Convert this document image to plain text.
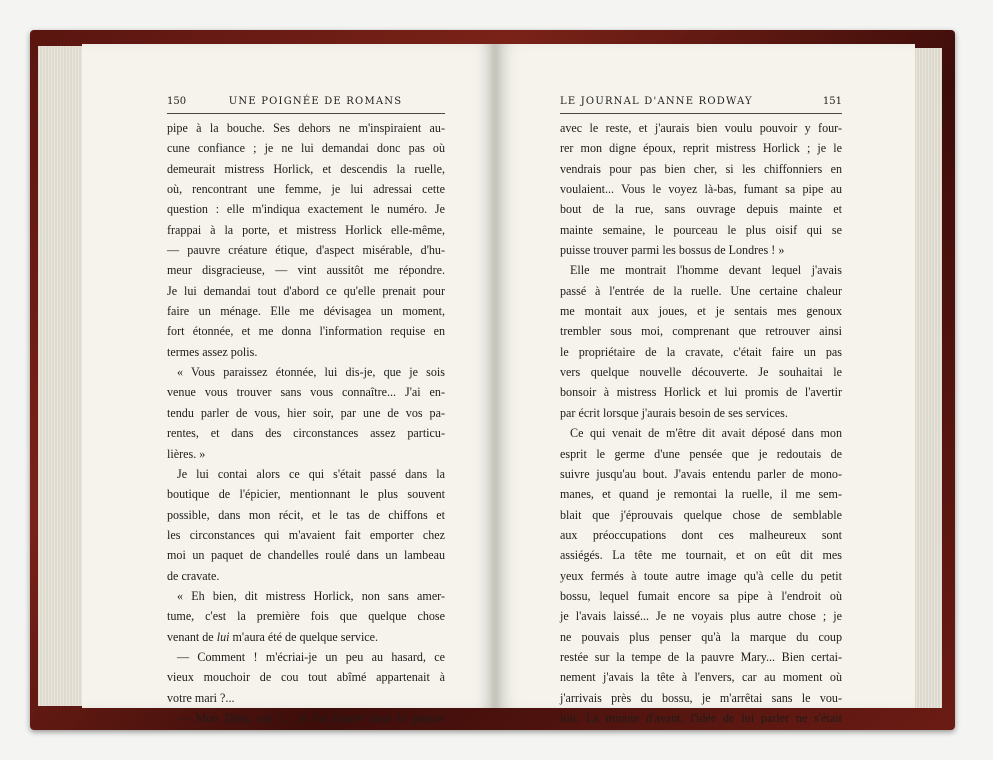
150	UNE POIGNÉE DE ROMANS
pipe à la bouche. Ses dehors ne m'inspiraient au-
cune confiance ; je ne lui demandai donc pas où
demeurait mistress Horlick, et descendis la ruelle,
où, rencontrant une femme, je lui adressai cette
question : elle m'indiqua exactement le numéro. Je
frappai à la porte, et mistress Horlick elle-même,
— pauvre créature étique, d'aspect misérable, d'hu-
meur disgracieuse, — vint aussitôt me répondre.
Je lui demandai tout d'abord ce qu'elle prenait pour
faire un ménage. Elle me dévisagea un moment,
fort étonnée, et me donna l'information requise en
termes assez polis.
« Vous paraissez étonnée, lui dis-je, que je sois
venue vous trouver sans vous connaître... J'ai en-
tendu parler de vous, hier soir, par une de vos pa-
rentes, et dans des circonstances assez particu-
lières. »
Je lui contai alors ce qui s'était passé dans la
boutique de l'épicier, mentionnant le plus souvent
possible, dans mon récit, et le tas de chiffons et
les circonstances qui m'avaient fait emporter chez
moi un paquet de chandelles roulé dans un lambeau
de cravate.
« Eh bien, dit mistress Horlick, non sans amer-
tume, c'est la première fois que quelque chose
venant de lui m'aura été de quelque service.
— Comment ! m'écriai-je un peu au hasard, ce
vieux mouchoir de cou tout abîmé appartenait à
votre mari ?...
— Mon Dieu, oui !... je l'ai fourré dans le paquet
LE JOURNAL D'ANNE RODWAY	151
avec le reste, et j'aurais bien voulu pouvoir y four-
rer mon digne époux, reprit mistress Horlick ; je le
vendrais pour pas bien cher, si les chiffonniers en
voulaient... Vous le voyez là-bas, fumant sa pipe au
bout de la rue, sans ouvrage depuis mainte et
mainte semaine, le pourceau le plus oisif qui se
puisse trouver parmi les bossus de Londres ! »
Elle me montrait l'homme devant lequel j'avais
passé à l'entrée de la ruelle. Une certaine chaleur
me montait aux joues, et je sentais mes genoux
trembler sous moi, comprenant que retrouver ainsi
le propriétaire de la cravate, c'était faire un pas
vers quelque nouvelle découverte. Je souhaitai le
bonsoir à mistress Horlick et lui promis de l'avertir
par écrit lorsque j'aurais besoin de ses services.
Ce qui venait de m'être dit avait déposé dans mon
esprit le germe d'une pensée que je redoutais de
suivre jusqu'au bout. J'avais entendu parler de mono-
manes, et quand je remontai la ruelle, il me sem-
blait que j'éprouvais quelque chose de semblable
aux préoccupations dont ces malheureux sont
assiégés. La tête me tournait, et on eût dit mes
yeux fermés à toute autre image qu'à celle du petit
bossu, lequel fumait encore sa pipe à l'endroit où
je l'avais laissé... Je ne voyais plus autre chose ; je
ne pouvais plus penser qu'à la marque du coup
restée sur la tempe de la pauvre Mary... Bien certai-
nement j'avais la tête à l'envers, car au moment où
j'arrivais près du bossu, je m'arrêtai sans le vou-
loir. La minute d'avant, l'idée de lui parler ne s'était
